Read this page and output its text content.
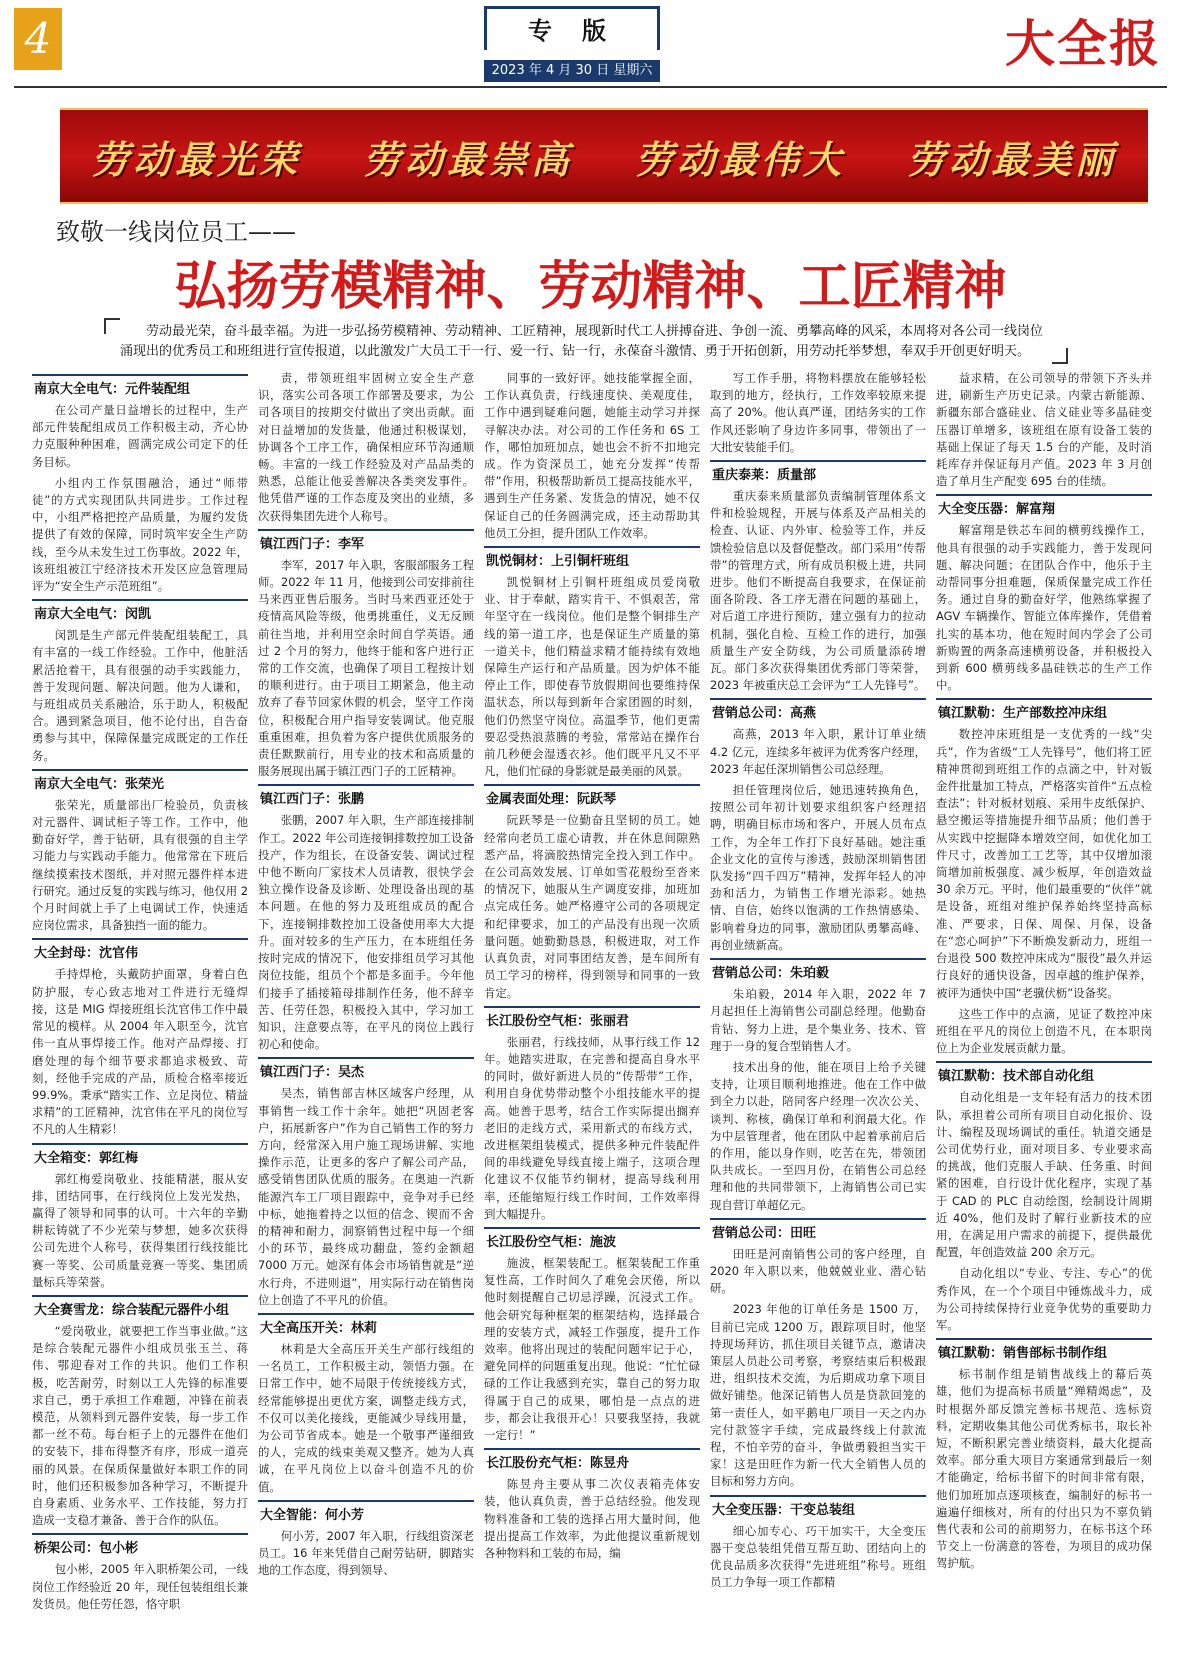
4	专版
2023 年 4 月 30 日 星期六	大全报
劳动最光荣 劳动最崇高 劳动最伟大 劳动最美丽
致敬一线岗位员工——
弘扬劳模精神、劳动精神、工匠精神
劳动最光荣，奋斗最幸福。为进一步弘扬劳模精神、劳动精神、工匠精神，展现新时代工人拼搏奋进、争创一流、勇攀高峰的风采，本周将对各公司一线岗位涌现出的优秀员工和班组进行宣传报道，以此激发广大员工干一行、爱一行、钻一行，永葆奋斗激情、勇于开拓创新，用劳动托举梦想，奉双手开创更好明天。
南京大全电气：元件装配组

在公司产量日益增长的过程中，生产部元件装配组成员工作积极主动，齐心协力克服种种困难，圆满完成公司定下的任务目标。

小组内工作氛围融洽，通过“师带徒”的方式实现团队共同进步。工作过程中，小组严格把控产品质量，为履约发货提供了有效的保障，同时筑牢安全生产防线，至今从未发生过工伤事故。2022 年，该班组被江宁经济技术开发区应急管理局评为“安全生产示范班组”。

南京大全电气：闵凯

闵凯是生产部元件装配组装配工，具有丰富的一线工作经验。工作中，他脏活累活抢着干，具有很强的动手实践能力，善于发现问题、解决问题。他为人谦和，与班组成员关系融洽，乐于助人，积极配合。遇到紧急项目，他不论付出，自告奋勇参与其中，保障保量完成既定的工作任务。

南京大全电气：张荣光

张荣光，质量部出厂检验员，负责核对元器件、调试柜子等工作。工作中，他勤奋好学，善于钻研，具有很强的自主学习能力与实践动手能力。他常常在下班后继续摸索技术图纸，并对照元器件样本进行研究。通过反复的实践与练习，他仅用 2 个月时间就上手了上电调试工作，快速适应岗位需求，具备独挡一面的能力。

大全封母：沈官伟

手持焊枪，头戴防护面罩，身着白色防护服，专心致志地对工件进行无缝焊接，这是 MIG 焊接班组长沈官伟工作中最常见的模样。从 2004 年入职至今，沈官伟一直从事焊接工作。他对产品焊接、打磨处理的每个细节要求都追求极致、苛刻，经他手完成的产品，质检合格率接近 99.9%。秉承“踏实工作、立足岗位、精益求精”的工匠精神，沈官伟在平凡的岗位写不凡的人生精彩！

大全箱变：郭红梅

郭红梅爱岗敬业、技能精湛，服从安排，团结同事，在行线岗位上发光发热，赢得了领导和同事的认可。十六年的辛勤耕耘铸就了不少光荣与梦想，她多次获得公司先进个人称号，获得集团行线技能比赛一等奖、公司质量竞赛一等奖、集团质量标兵等荣誉。

大全赛雪龙：综合装配元器件小组

“爱岗敬业，就要把工作当事业做。”这是综合装配元器件小组成员张玉兰、蒋伟、鄂迎春对工作的共识。他们工作积极，吃苦耐劳，时刻以工人先锋的标准要求自己，勇于承担工作难题，冲锋在前表模范，从领料到元器件安装，每一步工作都一丝不苟。每台柜子上的元器件在他们的安装下，排布得整齐有序，形成一道亮丽的风景。在保质保量做好本职工作的同时，他们还积极参加各种学习，不断提升自身素质、业务水平、工作技能，努力打造成一支稳才兼备、善于合作的队伍。

桥架公司：包小彬

包小彬，2005 年入职桥架公司，一线岗位工作经验近 20 年，现任包装组组长兼发货员。他任劳任怨，恪守职

责，带领班组牢固树立安全生产意识，落实公司各项工作部署及要求，为公司各项目的按期交付做出了突出贡献。面对日益增加的发货量，他通过积极谋划，协调各个工序工作，确保相应环节沟通顺畅。丰富的一线工作经验及对产品品类的熟悉，总能让他妥善解决各类突发事件。他凭借严谨的工作态度及突出的业绩，多次获得集团先进个人称号。

镇江西门子：李军

李军，2017 年入职，客服部服务工程师。2022 年 11 月，他接到公司安排前往马来西亚售后服务。当时马来西亚还处于疫情高风险等级，他勇挑重任，义无反顾前往当地，并利用空余时间自学英语。通过 2 个月的努力，他终于能和客户进行正常的工作交流，也确保了项目工程按计划的顺利进行。由于项目工期紧急，他主动放弃了春节回家休假的机会，坚守工作岗位，积极配合用户指导安装调试。他克服重重困难，担负着为客户提供优质服务的责任默默前行，用专业的技术和高质量的服务展现出属于镇江西门子的工匠精神。

镇江西门子：张鹏

张鹏，2007 年入职，生产部连接排制作工。2022 年公司连接铜排数控加工设备投产，作为组长，在设备安装、调试过程中他不断向厂家技术人员请教，很快学会独立操作设备及诊断、处理设备出现的基本问题。在他的努力及班组成员的配合下，连接铜排数控加工设备使用率大大提升。面对较多的生产压力，在本班组任务按时完成的情况下，他安排组员学习其他岗位技能，组员个个都是多面手。今年他们接手了插接箱母排制作任务，他不辞辛苦、任劳任怨，积极投入其中，学习加工知识，注意要点等，在平凡的岗位上践行初心和使命。

镇江西门子：吴杰

吴杰，销售部吉林区域客户经理，从事销售一线工作十余年。她把“巩固老客户，拓展新客户”作为自己销售工作的努力方向，经常深入用户施工现场讲解、实地操作示范，让更多的客户了解公司产品，感受销售团队优质的服务。在奥迪一汽新能源汽车工厂项目跟踪中，竞争对手已经中标，她拖着持之以恒的信念、锲而不舍的精神和耐力，洞察销售过程中每一个细小的环节，最终成功翻盘，签约金额超 7000 万元。她深有体会市场销售就是“逆水行舟，不进则退”，用实际行动在销售岗位上创造了不平凡的价值。

大全高压开关：林莉

林莉是大全高压开关生产部行线组的一名员工，工作积极主动，领悟力强。在日常工作中，她不局限于传统接线方式，经常能够提出更优方案，调整走线方式，不仅可以美化接线，更能减少导线用量，为公司节省成本。她是一个敬事严谨细致的人，完成的线束美观又整齐。她为人真诚，在平凡岗位上以奋斗创造不凡的价值。

大全智能：何小芳

何小芳，2007 年入职，行线组资深老员工。16 年来凭借自己耐劳钻研，脚踏实地的工作态度，得到领导、

同事的一致好评。她技能掌握全面，工作认真负责，行线速度快、美观度佳，工作中遇到疑难问题，她能主动学习并探寻解决办法。对公司的工作任务和 6S 工作，哪怕加班加点，她也会不折不扣地完成。作为资深员工，她充分发挥“传帮带”作用，积极帮助新员工提高技能水平，遇到生产任务紧、发货急的情况，她不仅保证自己的任务圆满完成，还主动帮助其他员工分担，提升团队工作效率。

凯悦铜材：上引铜杆班组

凯悦铜材上引铜杆班组成员爱岗敬业、甘于奉献，踏实肯干、不惧艰苦，常年坚守在一线岗位。他们是整个铜排生产线的第一道工序，也是保证生产质量的第一道关卡，他们精益求精才能持续有效地保障生产运行和产品质量。因为炉体不能停止工作，即使春节放假期间也要维持保温状态，所以每到新年合家团圆的时刻，他们仍然坚守岗位。高温季节，他们更需要忍受热浪蒸腾的考验，常常站在操作台前几秒便会湿透衣衫。他们既平凡又不平凡，他们忙碌的身影就是最美丽的风景。

金属表面处理：阮跃琴

阮跃琴是一位勤奋且坚韧的员工。她经常向老员工虚心请教，并在休息间隙熟悉产品，将滴胶热情完全投入到工作中。在公司高效发展、订单如雪花般纷至沓来的情况下，她服从生产调度安排，加班加点完成任务。她严格遵守公司的各项规定和纪律要求，加工的产品没有出现一次质量问题。她勤勤恳恳，积极进取，对工作认真负责，对同事团结友善，是车间所有员工学习的榜样，得到领导和同事的一致肯定。

长江股份空气柜：张丽君

张丽君，行线技师，从事行线工作 12 年。她踏实进取，在完善和提高自身水平的同时，做好新进人员的“传帮带”工作，利用自身优势带动整个小组技能水平的提高。她善于思考，结合工作实际提出搁弃老旧的走线方式，采用新式的布线方式，改进框架组装模式，提供多种元件装配件间的串线避免导线直接上端子，这项合理化建议不仅能节约铜材，提高导线利用率，还能缩短行线工作时间，工作效率得到大幅提升。

长江股份空气柜：施波

施波，框架装配工。框架装配工作重复性高，工作时间久了难免会厌倦，所以他时刻提醒自己切忌浮躁，沉浸式工作。他会研究每种框架的框架结构，选择最合理的安装方式，减轻工作强度，提升工作效率。他将出现过的装配问题牢记于心，避免同样的问题重复出现。他说：“忙忙碌碌的工作让我感到充实，靠自己的努力取得属于自己的成果，哪怕是一点点的进步，都会让我很开心！只要我坚持，我就一定行！”

长江股份充气柜：陈昱舟

陈昱舟主要从事二次仪表箱壳体安装，他认真负责，善于总结经验。他发现物料准备和工装的选择占用大量时间，他提出提高工作效率，为此他提议重新规划各种物料和工装的布局，编

写工作手册，将物料摆放在能够轻松取到的地方，经执行，工作效率较原来提高了 20%。他认真严谨，团结务实的工作作风还影响了身边许多同事，带领出了一大批安装能手们。

重庆泰莱：质量部

重庆泰来质量部负责编制管理体系文件和检验规程，开展与体系及产品相关的检查、认证、内外审、检验等工作，并反馈检验信息以及督促整改。部门采用“传帮带”的管理方式，所有成员积极上进，共同进步。他们不断提高自我要求，在保证前面各阶段、各工序无潜在问题的基础上，对后道工序进行预防，建立强有力的拉动机制，强化自检、互检工作的进行，加强质量生产安全防线，为公司质量添砖增瓦。部门多次获得集团优秀部门等荣誉，2023 年被重庆总工会评为“工人先锋号”。

营销总公司：高燕

高燕，2013 年入职，累计订单业绩 4.2 亿元，连续多年被评为优秀客户经理，2023 年起任深圳销售公司总经理。

担任管理岗位后，她迅速转换角色，按照公司年初计划要求组织客户经理招聘，明确目标市场和客户，开展人员布点工作，为全年工作打下良好基础。她注重企业文化的宣传与渗透，鼓励深圳销售团队发扬“四千四万”精神，发挥年轻人的冲劲和活力，为销售工作增光添彩。她热情、自信，始终以饱满的工作热情感染、影响着身边的同事，激励团队勇攀高峰、再创业绩新高。

营销总公司：朱珀毅

朱珀毅，2014 年入职，2022 年 7 月起担任上海销售公司副总经理。他勤奋肯钻、努力上进，是个集业务、技术、管理于一身的复合型销售人才。

技术出身的他，能在项目上给予关键支持，让项目顺利地推进。他在工作中做到全力以赴，陪同客户经理一次次公关、谈判、称核，确保订单和利润最大化。作为中层管理者，他在团队中起着承前启后的作用，能以身作则，吃苦在先，带领团队共成长。一至四月份，在销售公司总经理和他的共同带领下，上海销售公司已实现自营订单超亿元。

营销总公司：田旺

田旺是河南销售公司的客户经理，自 2020 年入职以来，他兢兢业业、潜心钻研。

2023 年他的订单任务是 1500 万，目前已完成 1200 万，跟踪项目时，他坚持现场拜访，抓住项目关键节点，邀请决策层人员赴公司考察，考察结束后积极跟进，组织技术交流，为后期成功拿下项目做好铺垫。他深记销售人员是贷款回笼的第一责任人，如平鹅电厂项目一天之内办完付款签字手续，完成最终线上付款流程，不怕辛劳的奋斗，争做勇毅担当实干家！这是田旺作为新一代大全销售人员的目标和努力方向。

大全变压器：干变总装组

细心加专心、巧干加实干，大全变压器干变总装组凭借互帮互助、团结向上的优良品质多次获得“先进班组”称号。班组员工力争每一项工作都精

益求精，在公司领导的带领下齐头并进，刷新生产历史记录。内蒙古新能源、新疆东部合盛硅业、信义硅业等多晶硅变压器订单增多，该班组在原有设备工装的基础上保证了每天 1.5 台的产能，及时消耗库存并保证每月产值。2023 年 3 月创造了单月生产配变 695 台的佳绩。

大全变压器：解富翔

解富翔是铁芯车间的横剪线操作工，他具有很强的动手实践能力，善于发现问题、解决问题；在团队合作中，他乐于主动帮同事分担难题，保质保量完成工作任务。通过自身的勤奋好学，他熟练掌握了 AGV 车辆操作、智能立体库操作，凭借着扎实的基本功，他在短时间内学会了公司新购置的两条高速横剪设备，并积极投入到新 600 横剪线多晶硅铁芯的生产工作中。

镇江默勒：生产部数控冲床组

数控冲床班组是一支优秀的一线“尖兵”，作为省级“工人先锋号”，他们将工匠精神贯彻到班组工作的点滴之中，针对钣金件批量加工特点，严格落实首件“五点检查法”；针对板材划痕、采用牛皮纸保护、悬空搬运等措施提升细节品质；他们善于从实践中挖掘降本增效空间，如优化加工件尺寸，改善加工工艺等，其中仅增加滚筒增加前板强度、减少板厚，年创造效益 30 余万元。平时，他们最重要的“伙伴”就是设备，班组对维护保养始终坚持高标准、严要求，日保、周保、月保，设备在“恋心呵护”下不断焕发新动力，班组一台退役 500 数控冲床成为“服役”最久并运行良好的通快设备，因卓越的维护保养，被评为通快中国“老骥伏枥”设备奖。

这些工作中的点滴，见证了数控冲床班组在平凡的岗位上创造不凡，在本职岗位上为企业发展贡献力量。

镇江默勒：技术部自动化组

自动化组是一支年轻有活力的技术团队，承担着公司所有项目自动化报价、设计、编程及现场调试的重任。轨道交通是公司优势行业，面对项目多、专业要求高的挑战，他们克服人手缺、任务重、时间紧的困难，自行设计优化程序，实现了基于 CAD 的 PLC 自动绘图，绘制设计周期近 40%，他们及时了解行业新技术的应用，在满足用户需求的前提下，提供最优配置，年创造效益 200 余万元。

自动化组以“专业、专注、专心”的优秀作风，在一个个项目中锤炼战斗力，成为公司持续保持行业竞争优势的重要助力军。

镇江默勒：销售部标书制作组

标书制作组是销售战线上的幕后英雄，他们为提高标书质量“殚精竭虑”，及时根据外部反馈完善标书规范、选标资料，定期收集其他公司优秀标书，取长补短，不断积累完善业绩资料，最大化提高效率。部分重大项目方案通常到最后一刻才能确定，给标书留下的时间非常有限，他们加班加点逐项核查，编制好的标书一遍遍仔细核对，所有的付出只为不辜负销售代表和公司的前期努力，在标书这个环节交上一份满意的答卷，为项目的成功保驾护航。
